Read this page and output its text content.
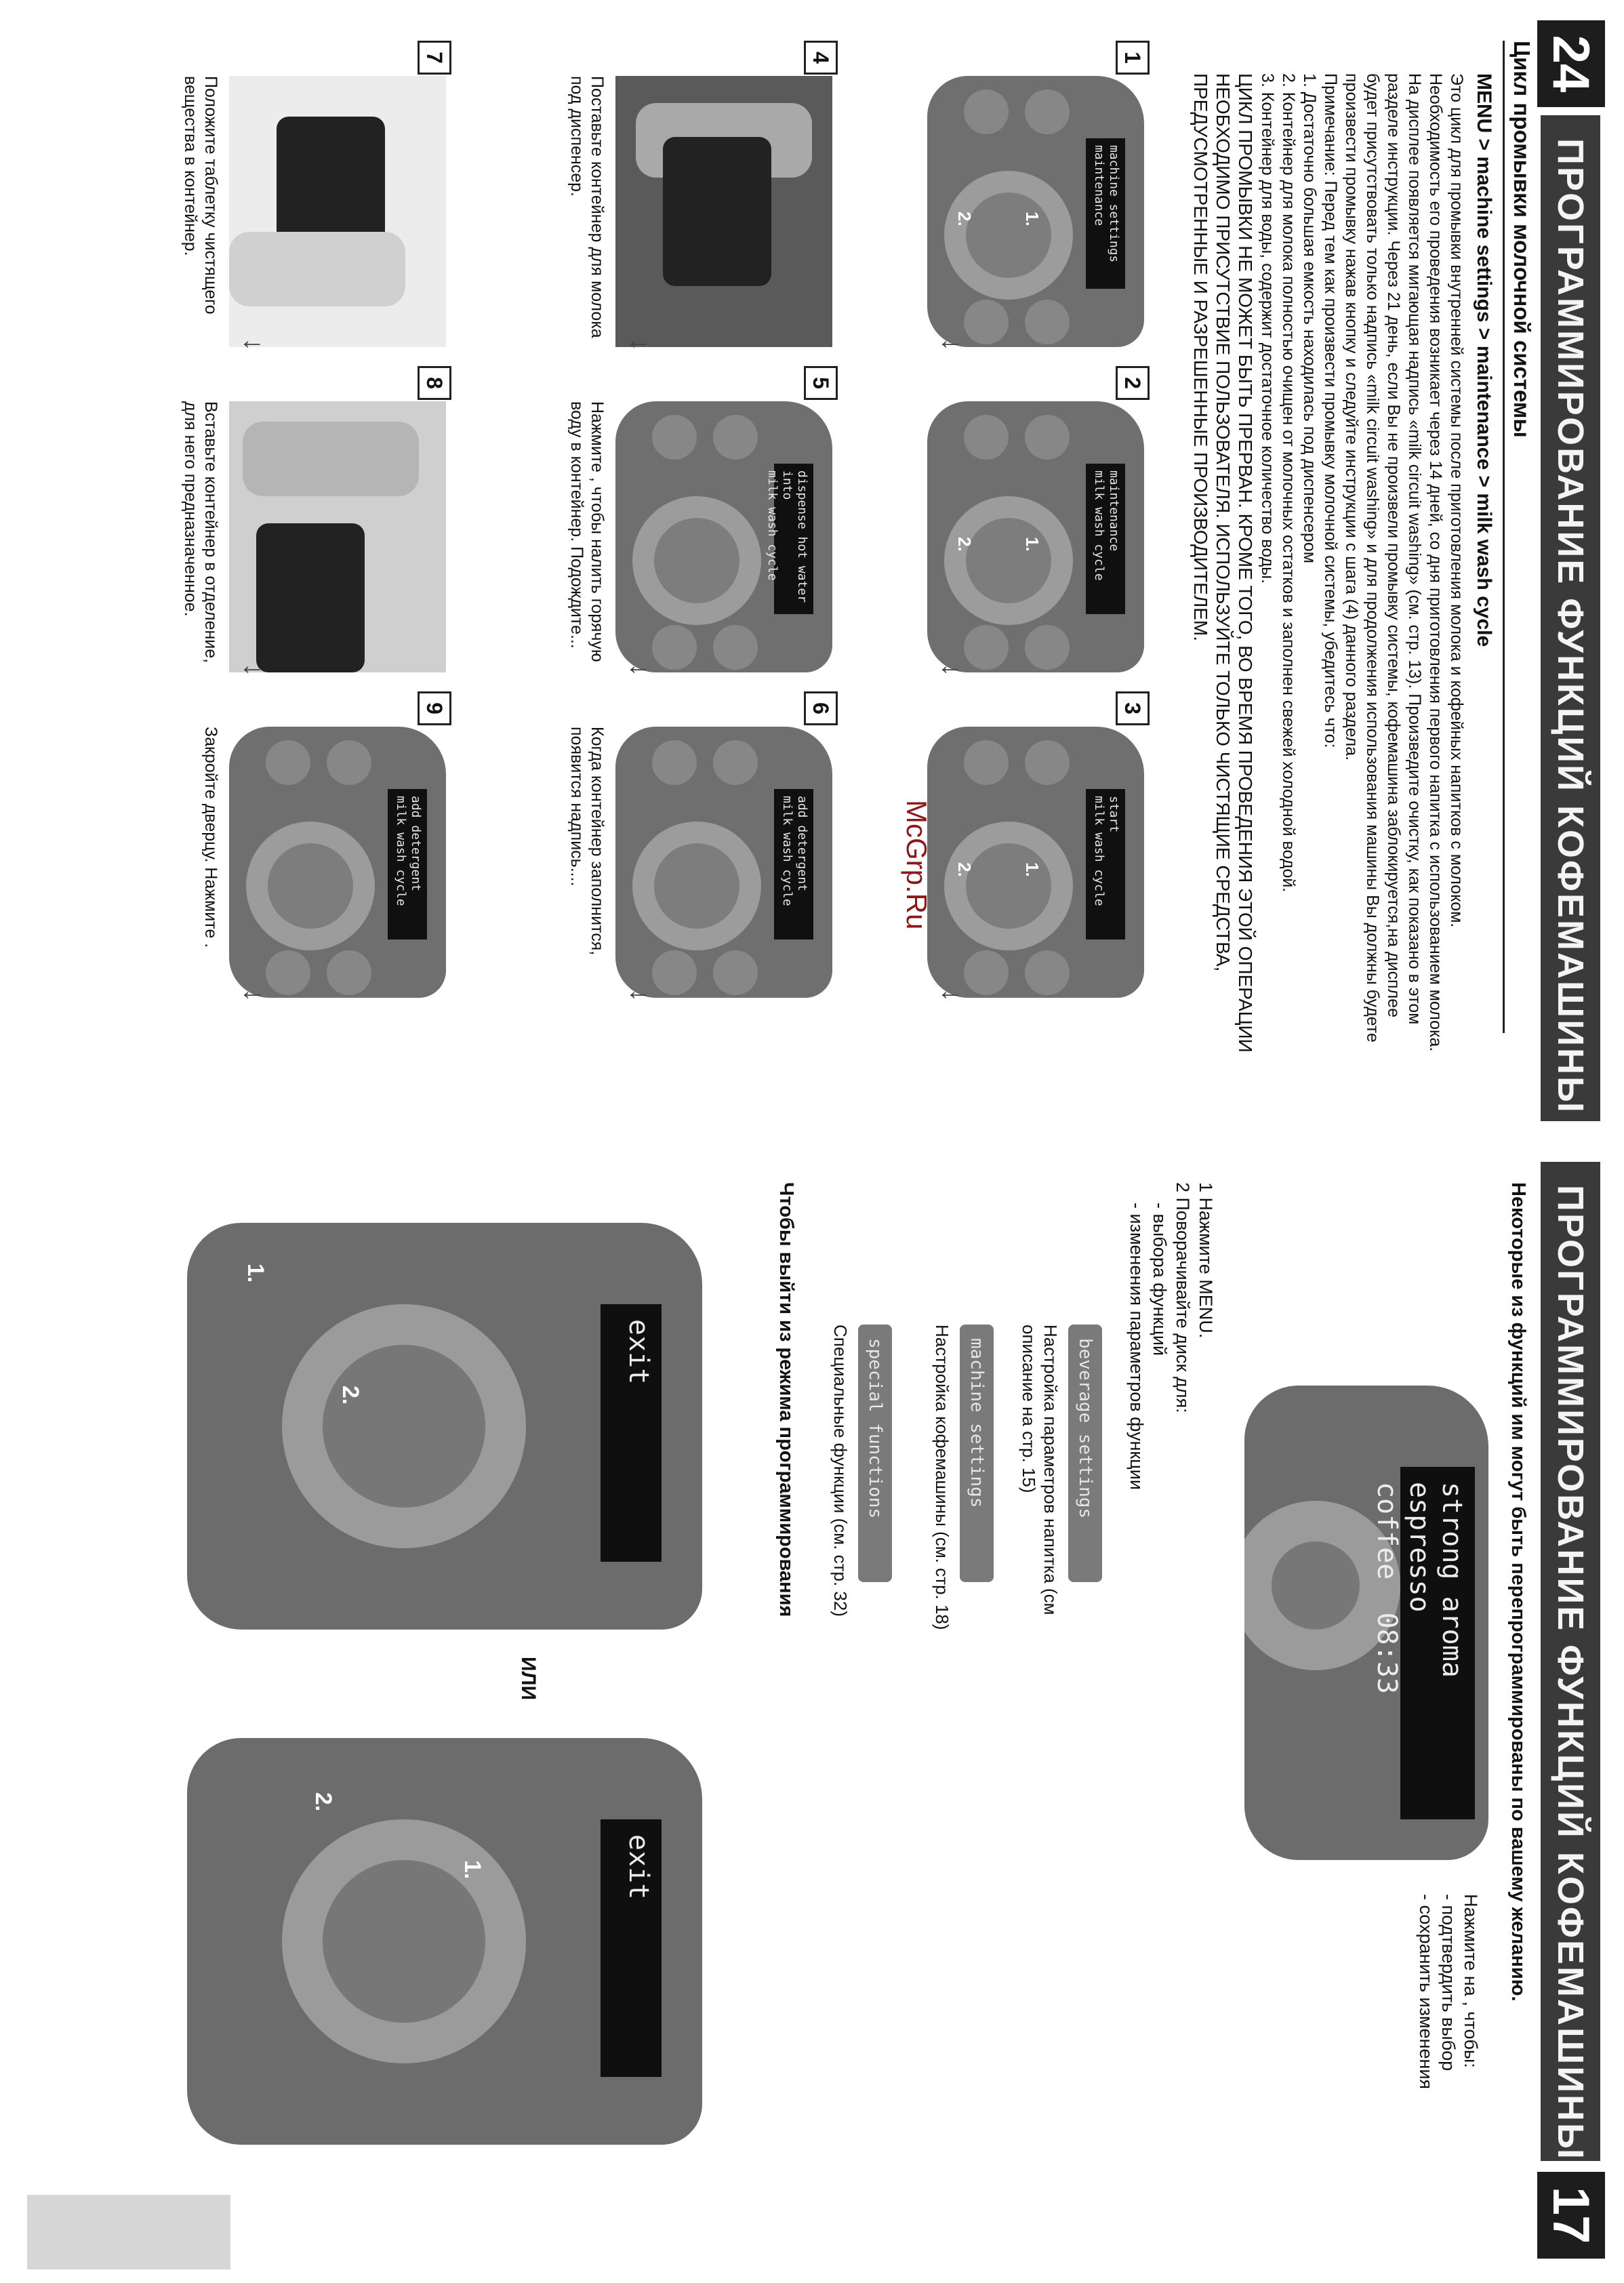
24
ПРОГРАММИРОВАНИЕ ФУНКЦИЙ КОФЕМАШИНЫ
Цикл промывки молочной системы
MENU > machine settings > maintenance > milk wash cycle

Это цикл для промывки внутренней системы после приготовления молока и кофейных напитков с молоком. Необходимость его проведения возникает через 14 дней, со дня приготовления первого напитка с использованием молока. На дисплее появляется мигающая надпись «milk circuit washing» (см. стр. 13). Произведите очистку, как показано в этом разделе инструкции. Через 21 день, если Вы не произвели промывку системы, кофемашина заблокируется,на дисплее будет присутствовать только надпись «milk circuit washing» и для продолжения использования машины Вы должны будете произвести промывку нажав кнопку и следуйте инструкции с шага (4) данного раздела.

Примечание: Перед тем как произвести промывку молочной системы, убедитесь что:

1. Достаточно большая емкость находилась под диспенсером

2. Контейнер для молока полностью очищен от молочных остатков и заполнен свежей холодной водой.

3. Контейнер для воды, содержит достаточное количество воды.

ЦИКЛ ПРОМЫВКИ НЕ МОЖЕТ БЫТЬ ПРЕРВАН. КРОМЕ ТОГО, ВО ВРЕМЯ ПРОВЕДЕНИЯ ЭТОЙ ОПЕРАЦИИ НЕОБХОДИМО ПРИСУТСТВИЕ ПОЛЬЗОВАТЕЛЯ. ИСПОЛЬЗУЙТЕ ТОЛЬКО ЧИСТЯЩИЕ СРЕДСТВА, ПРЕДУСМОТРЕННЫЕ И РАЗРЕШЕННЫЕ ПРОИЗВОДИТЕЛЕМ.

1
machine settings
maintenance
1.
2.
↓
2
maintenance
milk wash cycle
1.
2.
↓
3
start
milk wash cycle
1.
2.
↓
4
↓
Поставьте контейнер для молока под диспенсер.
5
dispense hot water into
milk wash cycle
↓
Нажмите , чтобы налить горячую воду в контейнер. Подождите...
6
add detergent
milk wash cycle
↓
Когда контейнер заполнится, появится надпись....
7
↓
Положите таблетку чистящего вещества в контейнер.
8
↓
Вставьте контейнер в отделение, для него предназначенное.
9
add detergent
milk wash cycle
↓
Закройте дверцу. Нажмите .	McGrp.Ru
ПРОГРАММИРОВАНИЕ ФУНКЦИЙ КОФЕМАШИНЫ
17
Некоторые из функций им могут быть перепрограммированы по вашему желанию.
strong aroma
espresso coffee  08:33
Нажмите на , чтобы:
- подтвердить выбор
- сохранить изменения
1 Нажмите MENU.
2 Поворачивайте диск для:
- выбора функций
- изменения параметров функции
beverage settings
Настройка параметров напитка (см описание на стр. 15)
machine settings
Настройка кофемашины (см. стр. 18)
special functions
Специальные функции (см. стр. 32)
Чтобы выйти из режима программирования
exit
1.
2.
ИЛИ
exit
1.
2.
